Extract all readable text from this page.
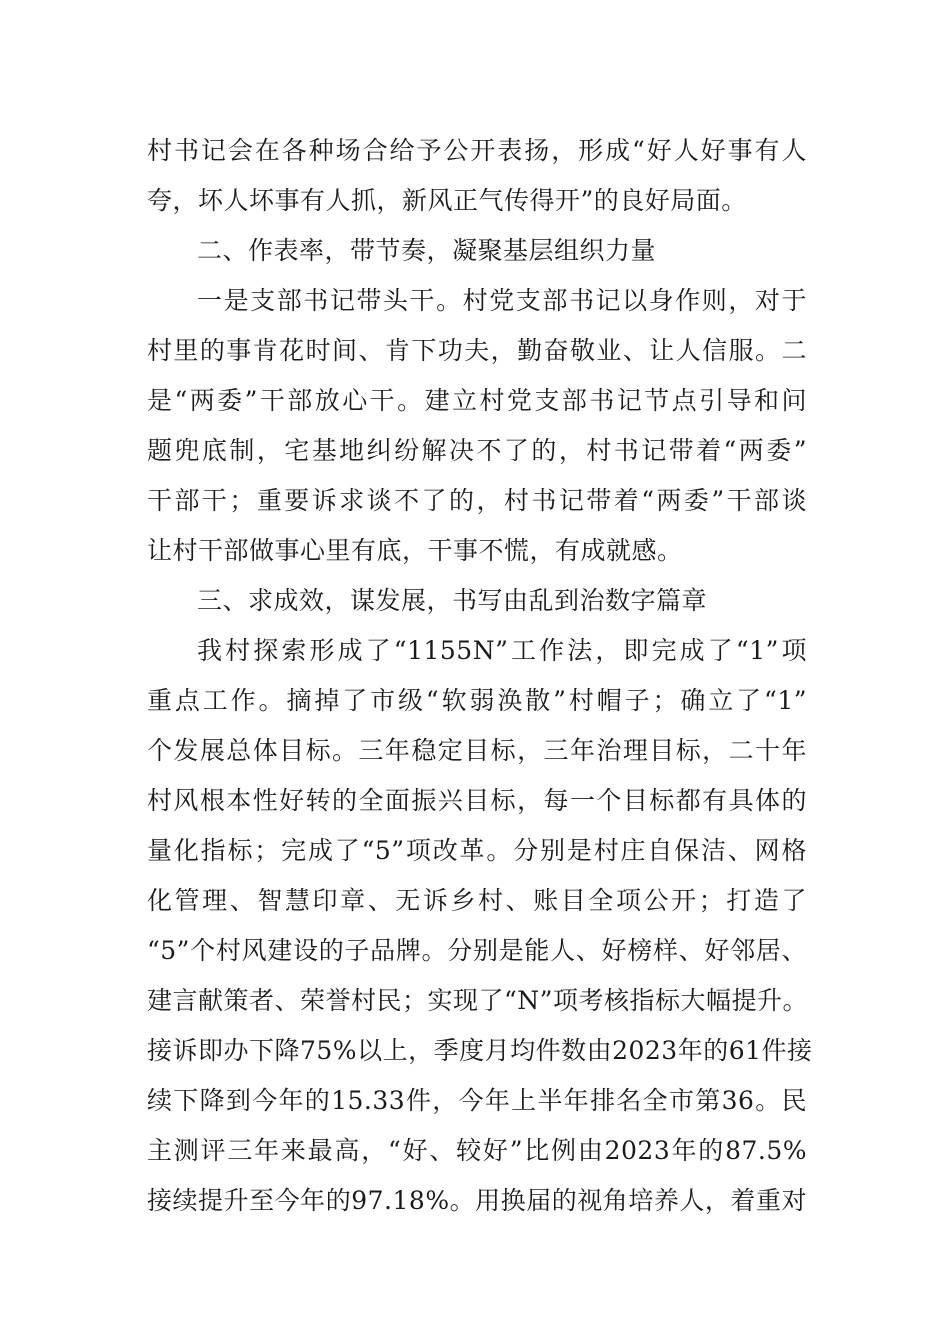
村书记会在各种场合给予公开表扬，形成“好人好事有人
夸，坏人坏事有人抓，新风正气传得开”的良好局面。
二、作表率，带节奏，凝聚基层组织力量
一是支部书记带头干。村党支部书记以身作则，对于
村里的事肯花时间、肯下功夫，勤奋敬业、让人信服。二
是“两委”干部放心干。建立村党支部书记节点引导和问
题兜底制，宅基地纠纷解决不了的，村书记带着“两委”
干部干；重要诉求谈不了的，村书记带着“两委”干部谈
让村干部做事心里有底，干事不慌，有成就感。
三、求成效，谋发展，书写由乱到治数字篇章
我村探索形成了“1155N”工作法，即完成了“1”项
重点工作。摘掉了市级“软弱涣散”村帽子；确立了“1”
个发展总体目标。三年稳定目标，三年治理目标，二十年
村风根本性好转的全面振兴目标，每一个目标都有具体的
量化指标；完成了“5”项改革。分别是村庄自保洁、网格
化管理、智慧印章、无诉乡村、账目全项公开；打造了
“5”个村风建设的子品牌。分别是能人、好榜样、好邻居、
建言献策者、荣誉村民；实现了“N”项考核指标大幅提升。
接诉即办下降75%以上，季度月均件数由2023年的61件接
续下降到今年的15.33件，今年上半年排名全市第36。民
主测评三年来最高，“好、较好”比例由2023年的87.5%
接续提升至今年的97.18%。用换届的视角培养人，着重对
